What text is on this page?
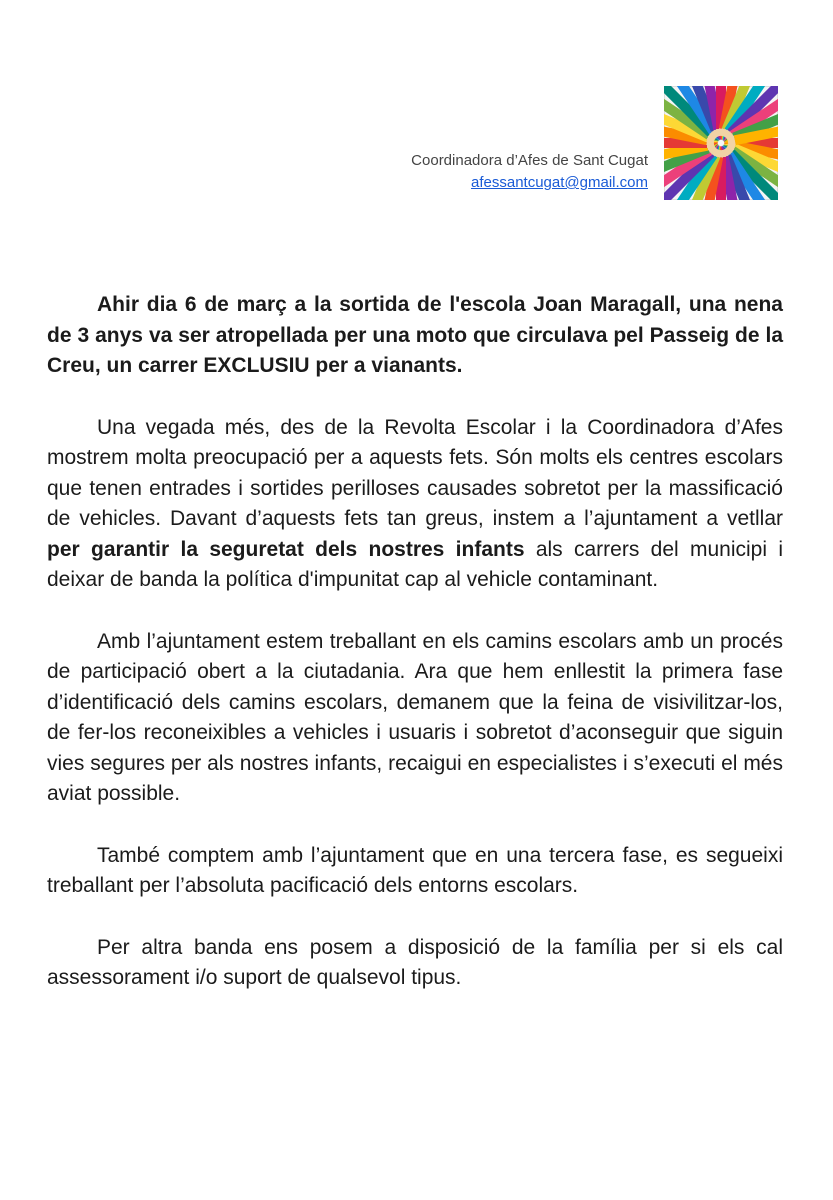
Coordinadora d’Afes de Sant Cugat
afessantcugat@gmail.com

Ahir dia 6 de març a la sortida de l'escola Joan Maragall, una nena de 3 anys va ser atropellada per una moto que circulava pel Passeig de la Creu, un carrer EXCLUSIU per a vianants.

Una vegada més, des de la Revolta Escolar i la Coordinadora d’Afes mostrem molta preocupació per a aquests fets. Són molts els centres escolars que tenen entrades i sortides perilloses causades sobretot per la massificació de vehicles. Davant d’aquests fets tan greus, instem a l’ajuntament a vetllar per garantir la seguretat dels nostres infants als carrers del municipi i deixar de banda la política d'impunitat cap al vehicle contaminant.

Amb l’ajuntament estem treballant en els camins escolars amb un procés de participació obert a la ciutadania. Ara que hem enllestit la primera fase d’identificació dels camins escolars, demanem que la feina de visivilitzar-los, de fer-los reconeixibles a vehicles i usuaris i sobretot d’aconseguir que siguin vies segures per als nostres infants, recaigui en especialistes i s’executi el més aviat possible.

També comptem amb l’ajuntament que en una tercera fase, es segueixi treballant per l’absoluta pacificació dels entorns escolars.

Per altra banda ens posem a disposició de la família per si els cal assessorament i/o suport de qualsevol tipus.
